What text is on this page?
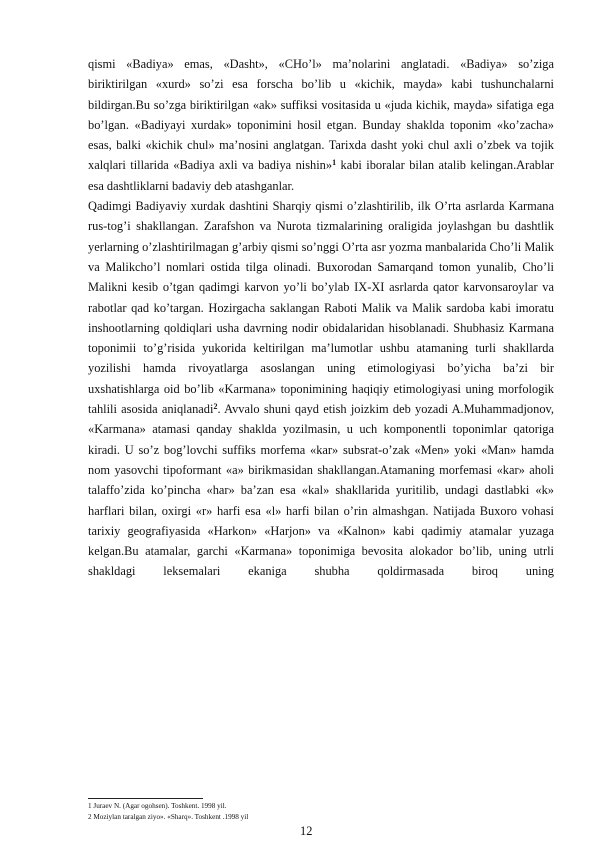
qismi «Badiya» emas, «Dasht», «CHo’l» ma’nolarini anglatadi. «Badiya» so’ziga biriktirilgan «xurd» so’zi esa forscha bo’lib u «kichik, mayda» kabi tushunchalarni bildirgan.Bu so’zga biriktirilgan «ak» suffiksi vositasida u «juda kichik, mayda» sifatiga ega bo’lgan. «Badiyayi xurdak» toponimini hosil etgan. Bunday shaklda toponim «ko’zacha» esas, balki «kichik chul» ma’nosini anglatgan. Tarixda dasht yoki chul axli o’zbek va tojik xalqlari tillarida «Badiya axli va badiya nishin»$^1$ kabi iboralar bilan atalib kelingan.Arablar esa dashtliklarni badaviy deb atashganlar.

Qadimgi Badiyaviy xurdak dashtini Sharqiy qismi o’zlashtirilib, ilk O’rta asrlarda Karmana rus-tog’i shakllangan. Zarafshon va Nurota tizmalarining oraligida joylashgan bu dashtlik yerlarning o’zlashtirilmagan g’arbiy qismi so’nggi O’rta asr yozma manbalarida Cho’li Malik va Malikcho’l nomlari ostida tilga olinadi. Buxorodan Samarqand tomon yunalib, Cho’li Malikni kesib o’tgan qadimgi karvon yo’li bo’ylab IX-XI asrlarda qator karvonsaroylar va rabotlar qad ko’targan. Hozirgacha saklangan Raboti Malik va Malik sardoba kabi imoratu inshootlarning qoldiqlari usha davrning nodir obidalaridan hisoblanadi. Shubhasiz Karmana toponimii to’g’risida yukorida keltirilgan ma’lumotlar ushbu atamaning turli shakllarda yozilishi hamda rivoyatlarga asoslangan uning etimologiyasi bo’yicha ba’zi bir uxshatishlarga oid bo’lib «Karmana» toponimining haqiqiy etimologiyasi uning morfologik tahlili asosida aniqlanadi$^2$. Avvalo shuni qayd etish joizkim deb yozadi A.Muhammadjonov, «Karmana» atamasi qanday shaklda yozilmasin, u uch komponentli toponimlar qatoriga kiradi. U so’z bog’lovchi suffiks morfema «kar» subsrat-o’zak «Men» yoki «Man» hamda nom yasovchi tipoformant «a» birikmasidan shakllangan.Atamaning morfemasi «kar» aholi talaffo’zida ko’pincha «har» ba’zan esa «kal» shakllarida yuritilib, undagi dastlabki «k» harflari bilan, oxirgi «r» harfi esa «l» harfi bilan o’rin almashgan. Natijada Buxoro vohasi tarixiy geografiyasida «Harkon» «Harjon» va «Kalnon» kabi qadimiy atamalar yuzaga kelgan.Bu atamalar, garchi «Karmana» toponimiga bevosita alokador bo’lib, uning utrli shakldagi leksemalari ekaniga shubha qoldirmasada biroq uning

1 Juraev N. (Agar ogohsen). Toshkent. 1998 yil.
2 Moziylan taralgan ziyo». «Sharq». Toshkent .1998 yil
12
